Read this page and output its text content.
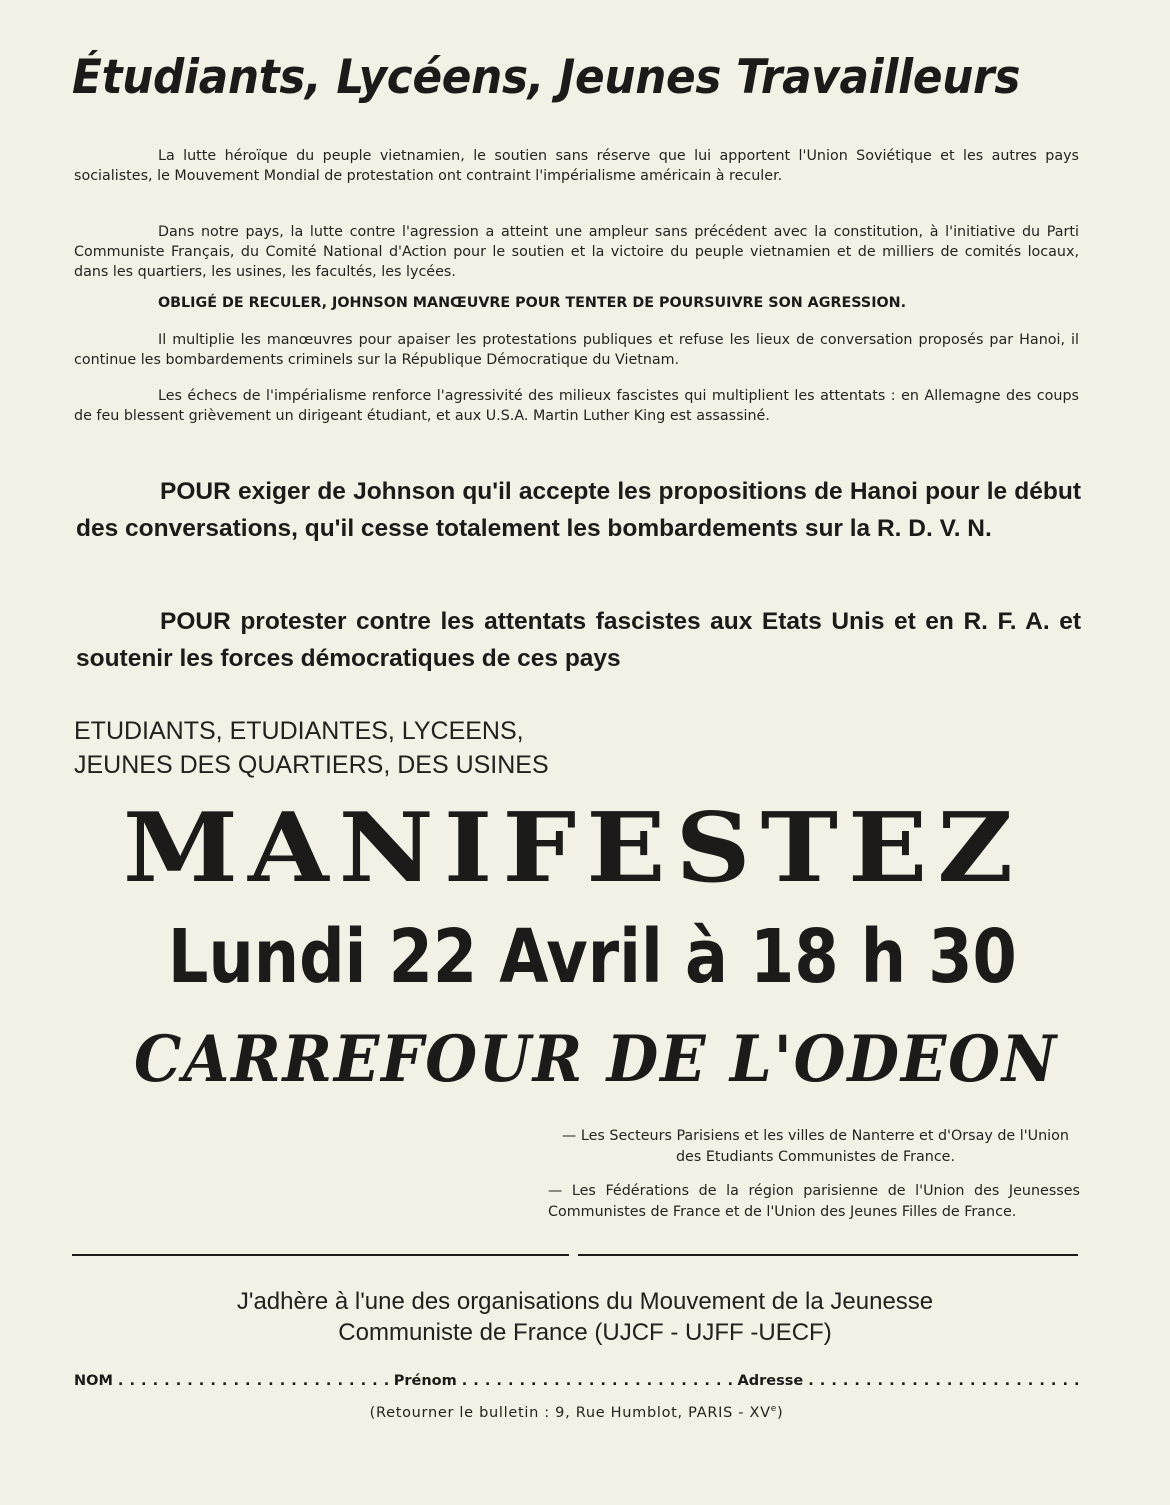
Étudiants, Lycéens, Jeunes Travailleurs

La lutte héroïque du peuple vietnamien, le soutien sans réserve que lui apportent l'Union Soviétique et les autres pays socialistes, le Mouvement Mondial de protestation ont contraint l'impérialisme américain à reculer.

Dans notre pays, la lutte contre l'agression a atteint une ampleur sans précédent avec la constitution, à l'initiative du Parti Communiste Français, du Comité National d'Action pour le soutien et la victoire du peuple vietnamien et de milliers de comités locaux, dans les quartiers, les usines, les facultés, les lycées.

OBLIGÉ DE RECULER, JOHNSON MANŒUVRE POUR TENTER DE POURSUIVRE SON AGRESSION.

Il multiplie les manœuvres pour apaiser les protestations publiques et refuse les lieux de conversation proposés par Hanoi, il continue les bombardements criminels sur la République Démocratique du Vietnam.

Les échecs de l'impérialisme renforce l'agressivité des milieux fascistes qui multiplient les attentats : en Allemagne des coups de feu blessent grièvement un dirigeant étudiant, et aux U.S.A. Martin Luther King est assassiné.

POUR exiger de Johnson qu'il accepte les propositions de Hanoi pour le début des conversations, qu'il cesse totalement les bombardements sur la R. D. V. N.

POUR protester contre les attentats fascistes aux Etats Unis et en R. F. A. et soutenir les forces démocratiques de ces pays

ETUDIANTS, ETUDIANTES, LYCEENS,
JEUNES DES QUARTIERS, DES USINES
MANIFESTEZ
Lundi 22 Avril à 18 h 30
CARREFOUR DE L'ODEON

— Les Secteurs Parisiens et les villes de Nanterre et d'Orsay de l'Union des Etudiants Communistes de France.

— Les Fédérations de la région parisienne de l'Union des Jeunesses Communistes de France et de l'Union des Jeunes Filles de France.

J'adhère à l'une des organisations du Mouvement de la Jeunesse
Communiste de France (UJCF - UJFF -UECF)
NOM . . .	Prénom . . .	Adresse
. . .

(Retourner le bulletin : 9, Rue Humblot, PARIS - XVe)
